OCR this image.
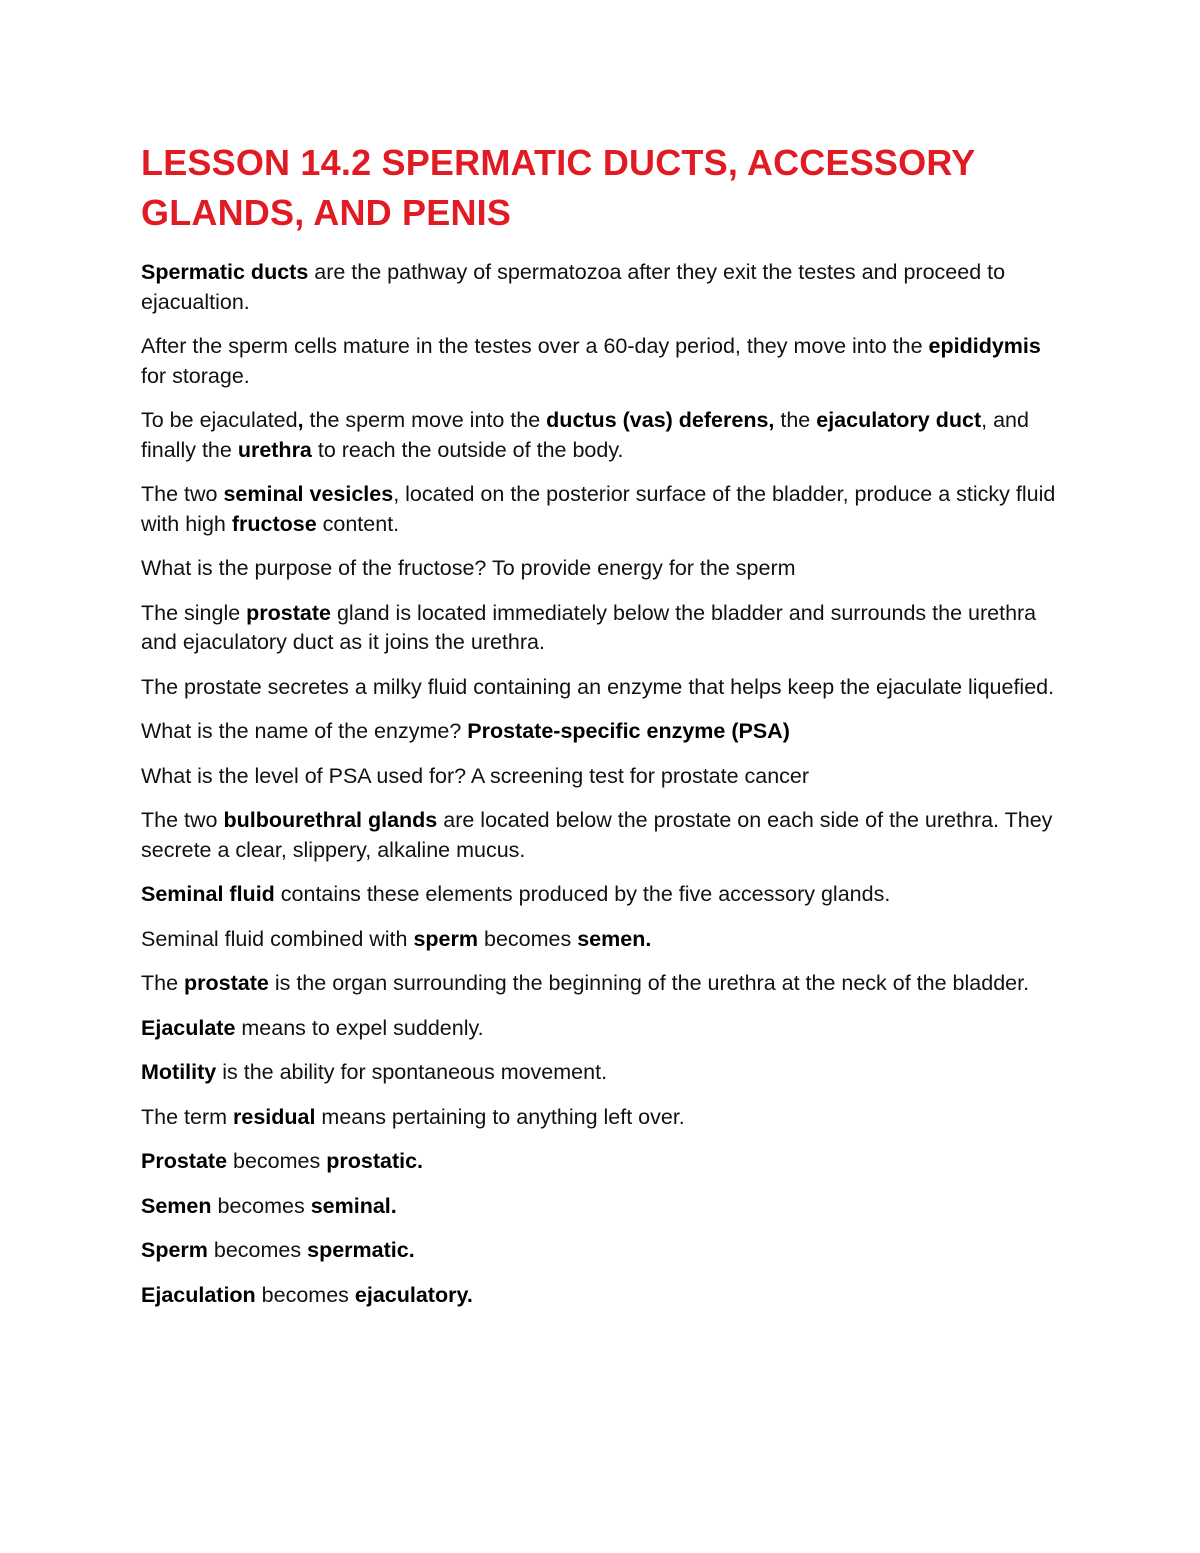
LESSON 14.2 SPERMATIC DUCTS, ACCESSORY GLANDS, AND PENIS

Spermatic ducts are the pathway of spermatozoa after they exit the testes and proceed to ejacualtion.

After the sperm cells mature in the testes over a 60-day period, they move into the epididymis for storage.

To be ejaculated, the sperm move into the ductus (vas) deferens, the ejaculatory duct, and finally the urethra to reach the outside of the body.

The two seminal vesicles, located on the posterior surface of the bladder, produce a sticky fluid with high fructose content.

What is the purpose of the fructose? To provide energy for the sperm

The single prostate gland is located immediately below the bladder and surrounds the urethra and ejaculatory duct as it joins the urethra.

The prostate secretes a milky fluid containing an enzyme that helps keep the ejaculate liquefied.

What is the name of the enzyme? Prostate-specific enzyme (PSA)

What is the level of PSA used for? A screening test for prostate cancer

The two bulbourethral glands are located below the prostate on each side of the urethra. They secrete a clear, slippery, alkaline mucus.

Seminal fluid contains these elements produced by the five accessory glands.

Seminal fluid combined with sperm becomes semen.

The prostate is the organ surrounding the beginning of the urethra at the neck of the bladder.

Ejaculate means to expel suddenly.

Motility is the ability for spontaneous movement.

The term residual means pertaining to anything left over.

Prostate becomes prostatic.

Semen becomes seminal.

Sperm becomes spermatic.

Ejaculation becomes ejaculatory.
